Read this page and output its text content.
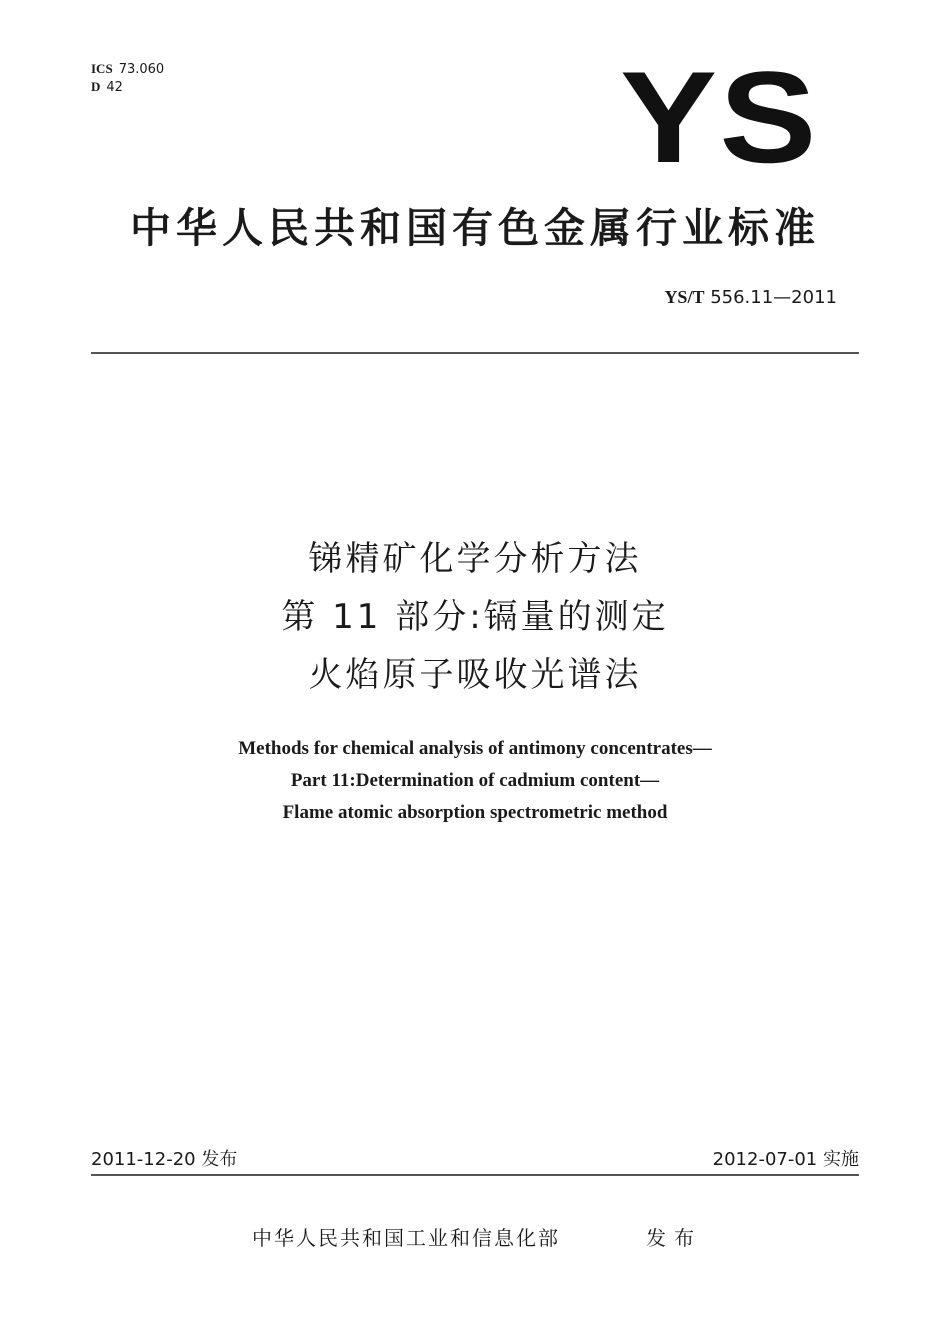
ICS 73.060
D 42	YS
中华人民共和国有色金属行业标准
YS/T 556.11—2011
锑精矿化学分析方法
第 11 部分:镉量的测定
火焰原子吸收光谱法
Methods for chemical analysis of antimony concentrates—
Part 11:Determination of cadmium content—
Flame atomic absorption spectrometric method
2011-12-20 发布	2012-07-01 实施
中华人民共和国工业和信息化部	发布
